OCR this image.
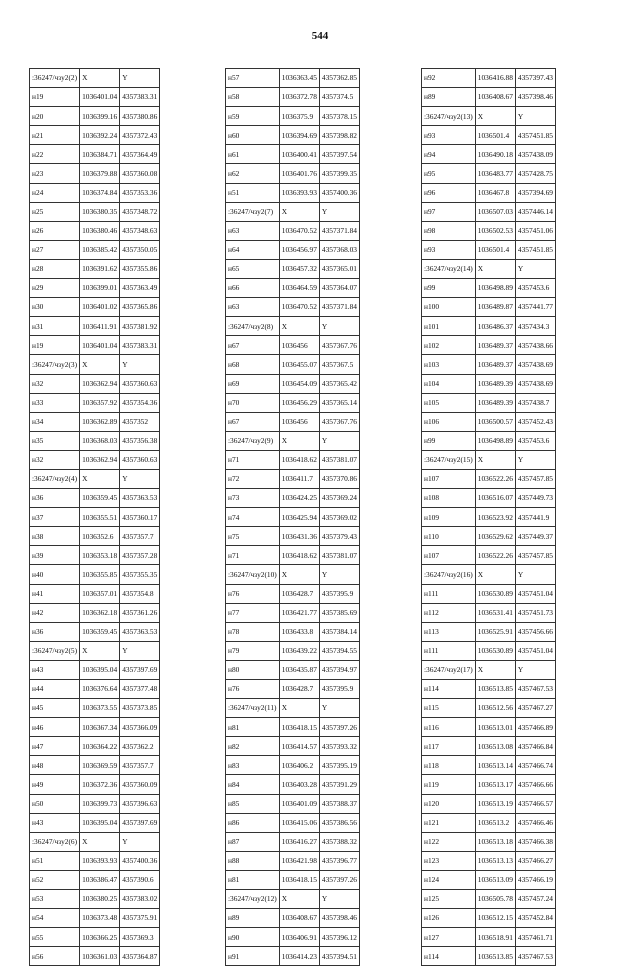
544
:36247/чзу2(2)	X	Y
н19	1036401.04	4357383.31
н20	1036399.16	4357380.86
н21	1036392.24	4357372.43
н22	1036384.71	4357364.49
н23	1036379.88	4357360.08
н24	1036374.84	4357353.36
н25	1036380.35	4357348.72
н26	1036380.46	4357348.63
н27	1036385.42	4357350.05
н28	1036391.62	4357355.86
н29	1036399.01	4357363.49
н30	1036401.02	4357365.86
н31	1036411.91	4357381.92
н19	1036401.04	4357383.31
:36247/чзу2(3)	X	Y
н32	1036362.94	4357360.63
н33	1036357.92	4357354.36
н34	1036362.89	4357352
н35	1036368.03	4357356.38
н32	1036362.94	4357360.63
:36247/чзу2(4)	X	Y
н36	1036359.45	4357363.53
н37	1036355.51	4357360.17
н38	1036352.6	4357357.7
н39	1036353.18	4357357.28
н40	1036355.85	4357355.35
н41	1036357.01	4357354.8
н42	1036362.18	4357361.26
н36	1036359.45	4357363.53
:36247/чзу2(5)	X	Y
н43	1036395.04	4357397.69
н44	1036376.64	4357377.48
н45	1036373.55	4357373.85
н46	1036367.34	4357366.09
н47	1036364.22	4357362.2
н48	1036369.59	4357357.7
н49	1036372.36	4357360.09
н50	1036399.73	4357396.63
н43	1036395.04	4357397.69
:36247/чзу2(6)	X	Y
н51	1036393.93	4357400.36
н52	1036386.47	4357390.6
н53	1036380.25	4357383.02
н54	1036373.48	4357375.91
н55	1036366.25	4357369.3
н56	1036361.03	4357364.87
н57	1036363.45	4357362.85
н58	1036372.78	4357374.5
н59	1036375.9	4357378.15
н60	1036394.69	4357398.82
н61	1036400.41	4357397.54
н62	1036401.76	4357399.35
н51	1036393.93	4357400.36
:36247/чзу2(7)	X	Y
н63	1036470.52	4357371.84
н64	1036456.97	4357368.03
н65	1036457.32	4357365.01
н66	1036464.59	4357364.07
н63	1036470.52	4357371.84
:36247/чзу2(8)	X	Y
н67	1036456	4357367.76
н68	1036455.07	4357367.5
н69	1036454.09	4357365.42
н70	1036456.29	4357365.14
н67	1036456	4357367.76
:36247/чзу2(9)	X	Y
н71	1036418.62	4357381.07
н72	1036411.7	4357370.86
н73	1036424.25	4357369.24
н74	1036425.94	4357369.02
н75	1036431.36	4357379.43
н71	1036418.62	4357381.07
:36247/чзу2(10)	X	Y
н76	1036428.7	4357395.9
н77	1036421.77	4357385.69
н78	1036433.8	4357384.14
н79	1036439.22	4357394.55
н80	1036435.87	4357394.97
н76	1036428.7	4357395.9
:36247/чзу2(11)	X	Y
н81	1036418.15	4357397.26
н82	1036414.57	4357393.32
н83	1036406.2	4357395.19
н84	1036403.28	4357391.29
н85	1036401.09	4357388.37
н86	1036415.06	4357386.56
н87	1036416.27	4357388.32
н88	1036421.98	4357396.77
н81	1036418.15	4357397.26
:36247/чзу2(12)	X	Y
н89	1036408.67	4357398.46
н90	1036406.91	4357396.12
н91	1036414.23	4357394.51
н92	1036416.88	4357397.43
н89	1036408.67	4357398.46
:36247/чзу2(13)	X	Y
н93	1036501.4	4357451.85
н94	1036490.18	4357438.09
н95	1036483.77	4357428.75
н96	1036467.8	4357394.69
н97	1036507.03	4357446.14
н98	1036502.53	4357451.06
н93	1036501.4	4357451.85
:36247/чзу2(14)	X	Y
н99	1036498.89	4357453.6
н100	1036489.87	4357441.77
н101	1036486.37	4357434.3
н102	1036489.37	4357438.66
н103	1036489.37	4357438.69
н104	1036489.39	4357438.69
н105	1036489.39	4357438.7
н106	1036500.57	4357452.43
н99	1036498.89	4357453.6
:36247/чзу2(15)	X	Y
н107	1036522.26	4357457.85
н108	1036516.07	4357449.73
н109	1036523.92	4357441.9
н110	1036529.62	4357449.37
н107	1036522.26	4357457.85
:36247/чзу2(16)	X	Y
н111	1036530.89	4357451.04
н112	1036531.41	4357451.73
н113	1036525.91	4357456.66
н111	1036530.89	4357451.04
:36247/чзу2(17)	X	Y
н114	1036513.85	4357467.53
н115	1036512.56	4357467.27
н116	1036513.01	4357466.89
н117	1036513.08	4357466.84
н118	1036513.14	4357466.74
н119	1036513.17	4357466.66
н120	1036513.19	4357466.57
н121	1036513.2	4357466.46
н122	1036513.18	4357466.38
н123	1036513.13	4357466.27
н124	1036513.09	4357466.19
н125	1036505.78	4357457.24
н126	1036512.15	4357452.84
н127	1036518.91	4357461.71
н114	1036513.85	4357467.53
